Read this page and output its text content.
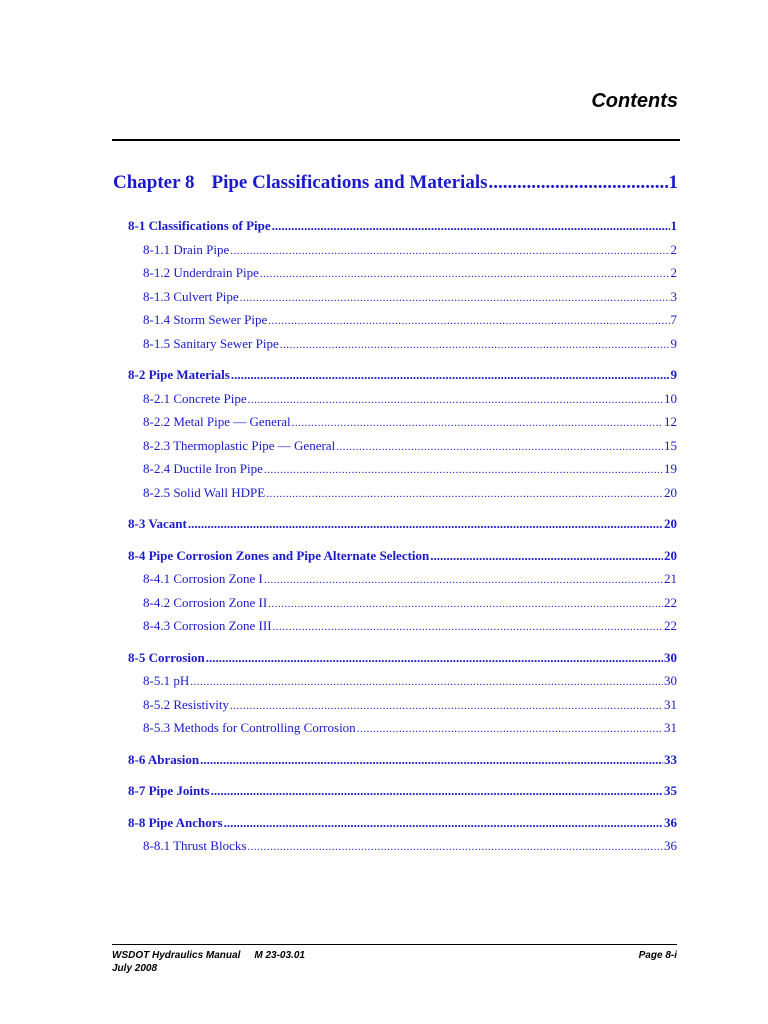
Contents
Chapter 8 Pipe Classifications and Materials .....	1
8-1 Classifications of Pipe .....	1
8-1.1 Drain Pipe .....	2
8-1.2 Underdrain Pipe .....	2
8-1.3 Culvert Pipe .....	3
8-1.4 Storm Sewer Pipe .....	7
8-1.5 Sanitary Sewer Pipe .....	9
8-2 Pipe Materials .....	9
8-2.1 Concrete Pipe .....	10
8-2.2 Metal Pipe — General .....	12
8-2.3 Thermoplastic Pipe — General .....	15
8-2.4 Ductile Iron Pipe .....	19
8-2.5 Solid Wall HDPE .....	20
8-3 Vacant .....	20
8-4 Pipe Corrosion Zones and Pipe Alternate Selection .....	20
8-4.1 Corrosion Zone I .....	21
8-4.2 Corrosion Zone II .....	22
8-4.3 Corrosion Zone III .....	22
8-5 Corrosion .....	30
8-5.1 pH .....	30
8-5.2 Resistivity .....	31
8-5.3 Methods for Controlling Corrosion .....	31
8-6 Abrasion .....	33
8-7 Pipe Joints .....	35
8-8 Pipe Anchors .....	36
8-8.1 Thrust Blocks .....	36
WSDOT Hydraulics Manual M 23-03.01	Page 8-i
July 2008
